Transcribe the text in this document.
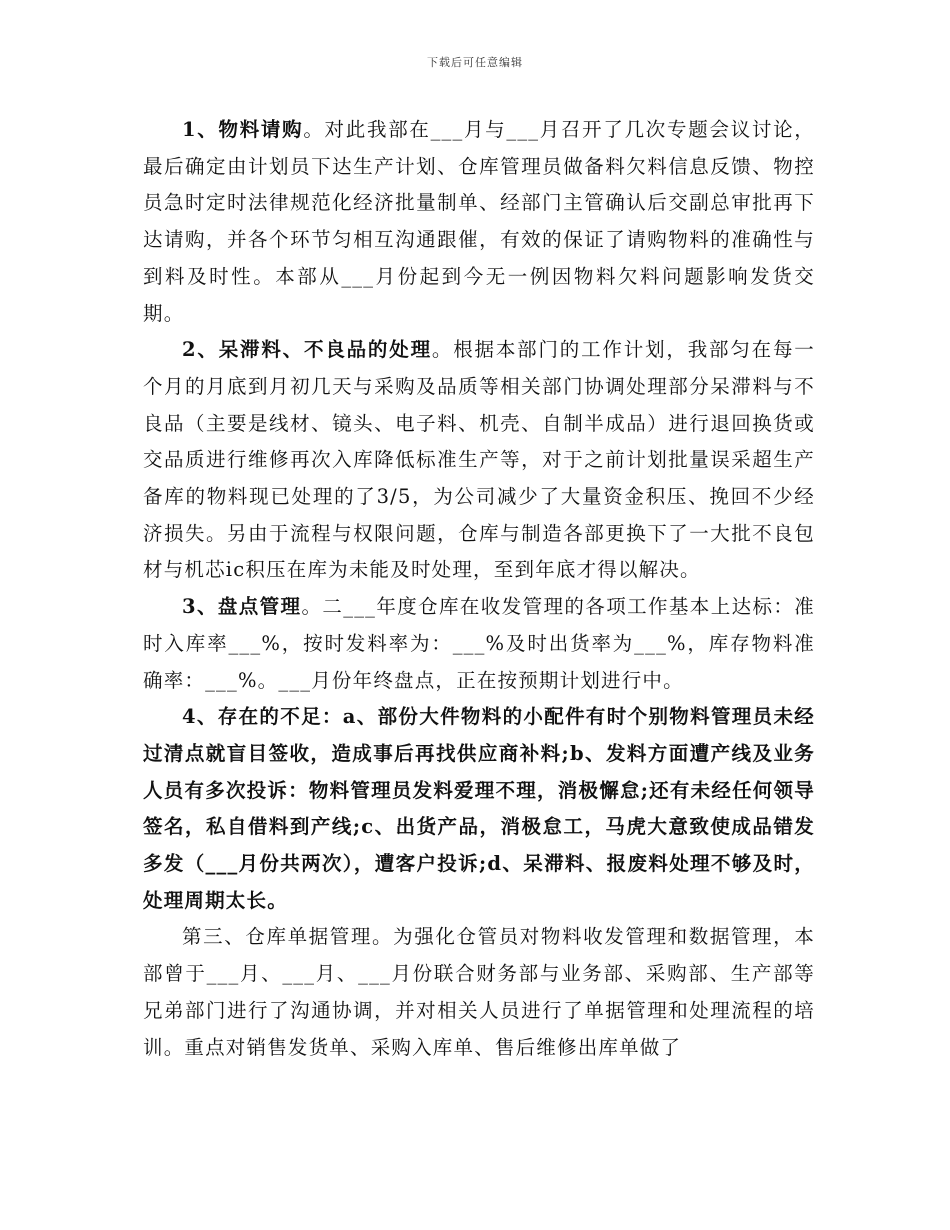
下载后可任意编辑

1、物料请购。对此我部在___月与___月召开了几次专题会议讨论，最后确定由计划员下达生产计划、仓库管理员做备料欠料信息反馈、物控员急时定时法律规范化经济批量制单、经部门主管确认后交副总审批再下达请购，并各个环节匀相互沟通跟催，有效的保证了请购物料的准确性与到料及时性。本部从___月份起到今无一例因物料欠料问题影响发货交期。

2、呆滞料、不良品的处理。根据本部门的工作计划，我部匀在每一个月的月底到月初几天与采购及品质等相关部门协调处理部分呆滞料与不良品（主要是线材、镜头、电子料、机壳、自制半成品）进行退回换货或交品质进行维修再次入库降低标准生产等，对于之前计划批量误采超生产备库的物料现已处理的了3/5，为公司减少了大量资金积压、挽回不少经济损失。另由于流程与权限问题，仓库与制造各部更换下了一大批不良包材与机芯ic积压在库为未能及时处理，至到年底才得以解决。

3、盘点管理。二___年度仓库在收发管理的各项工作基本上达标：准时入库率___%，按时发料率为：___%及时出货率为___%，库存物料准确率：___%。___月份年终盘点，正在按预期计划进行中。

4、存在的不足：a、部份大件物料的小配件有时个别物料管理员未经过清点就盲目签收，造成事后再找供应商补料;b、发料方面遭产线及业务人员有多次投诉：物料管理员发料爱理不理，消极懈怠;还有未经任何领导签名，私自借料到产线;c、出货产品，消极怠工，马虎大意致使成品错发多发（___月份共两次），遭客户投诉;d、呆滞料、报废料处理不够及时，处理周期太长。

第三、仓库单据管理。为强化仓管员对物料收发管理和数据管理，本部曾于___月、___月、___月份联合财务部与业务部、采购部、生产部等兄弟部门进行了沟通协调，并对相关人员进行了单据管理和处理流程的培训。重点对销售发货单、采购入库单、售后维修出库单做了
